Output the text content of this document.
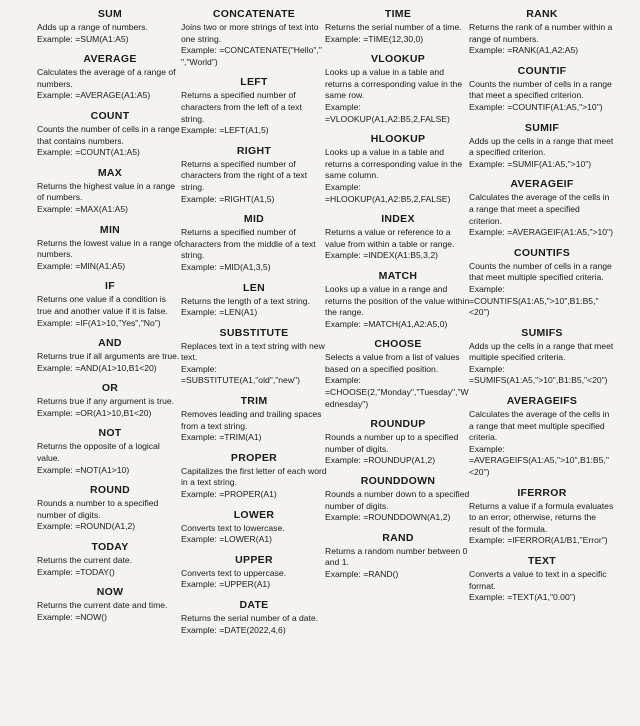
SUM
Adds up a range of numbers.
Example: =SUM(A1:A5)
AVERAGE
Calculates the average of a range of numbers.
Example: =AVERAGE(A1:A5)
COUNT
Counts the number of cells in a range that contains numbers.
Example: =COUNT(A1:A5)
MAX
Returns the highest value in a range of numbers.
Example: =MAX(A1:A5)
MIN
Returns the lowest value in a range of numbers.
Example: =MIN(A1:A5)
IF
Returns one value if a condition is true and another value if it is false.
Example: =IF(A1>10,"Yes","No")
AND
Returns true if all arguments are true.
Example: =AND(A1>10,B1<20)
OR
Returns true if any argument is true.
Example: =OR(A1>10,B1<20)
NOT
Returns the opposite of a logical value.
Example: =NOT(A1>10)
ROUND
Rounds a number to a specified number of digits.
Example: =ROUND(A1,2)
TODAY
Returns the current date.
Example: =TODAY()
NOW
Returns the current date and time.
Example: =NOW()
CONCATENATE
Joins two or more strings of text into one string.
Example: =CONCATENATE("Hello"," ","World")
LEFT
Returns a specified number of characters from the left of a text string.
Example: =LEFT(A1,5)
RIGHT
Returns a specified number of characters from the right of a text string.
Example: =RIGHT(A1,5)
MID
Returns a specified number of characters from the middle of a text string.
Example: =MID(A1,3,5)
LEN
Returns the length of a text string.
Example: =LEN(A1)
SUBSTITUTE
Replaces text in a text string with new text.
Example: =SUBSTITUTE(A1,"old","new")
TRIM
Removes leading and trailing spaces from a text string.
Example: =TRIM(A1)
PROPER
Capitalizes the first letter of each word in a text string.
Example: =PROPER(A1)
LOWER
Converts text to lowercase.
Example: =LOWER(A1)
UPPER
Converts text to uppercase.
Example: =UPPER(A1)
DATE
Returns the serial number of a date.
Example: =DATE(2022,4,6)
TIME
Returns the serial number of a time.
Example: =TIME(12,30,0)
VLOOKUP
Looks up a value in a table and returns a corresponding value in the same row.
Example: =VLOOKUP(A1,A2:B5,2,FALSE)
HLOOKUP
Looks up a value in a table and returns a corresponding value in the same column.
Example: =HLOOKUP(A1,A2:B5,2,FALSE)
INDEX
Returns a value or reference to a value from within a table or range.
Example: =INDEX(A1:B5,3,2)
MATCH
Looks up a value in a range and returns the position of the value within the range.
Example: =MATCH(A1,A2:A5,0)
CHOOSE
Selects a value from a list of values based on a specified position.
Example: =CHOOSE(2,"Monday","Tuesday","Wednesday")
ROUNDUP
Rounds a number up to a specified number of digits.
Example: =ROUNDUP(A1,2)
ROUNDDOWN
Rounds a number down to a specified number of digits.
Example: =ROUNDDOWN(A1,2)
RAND
Returns a random number between 0 and 1.
Example: =RAND()
RANK
Returns the rank of a number within a range of numbers.
Example: =RANK(A1,A2:A5)
COUNTIF
Counts the number of cells in a range that meet a specified criterion.
Example: =COUNTIF(A1:A5,">10")
SUMIF
Adds up the cells in a range that meet a specified criterion.
Example: =SUMIF(A1:A5,">10")
AVERAGEIF
Calculates the average of the cells in a range that meet a specified criterion.
Example: =AVERAGEIF(A1:A5,">10")
COUNTIFS
Counts the number of cells in a range that meet multiple specified criteria.
Example: =COUNTIFS(A1:A5,">10",B1:B5,"<20")
SUMIFS
Adds up the cells in a range that meet multiple specified criteria.
Example: =SUMIFS(A1:A5,">10",B1:B5,"<20")
AVERAGEIFS
Calculates the average of the cells in a range that meet multiple specified criteria.
Example: =AVERAGEIFS(A1:A5,">10",B1:B5,"<20")
IFERROR
Returns a value if a formula evaluates to an error; otherwise, returns the result of the formula.
Example: =IFERROR(A1/B1,"Error")
TEXT
Converts a value to text in a specific format.
Example: =TEXT(A1,"0.00")
